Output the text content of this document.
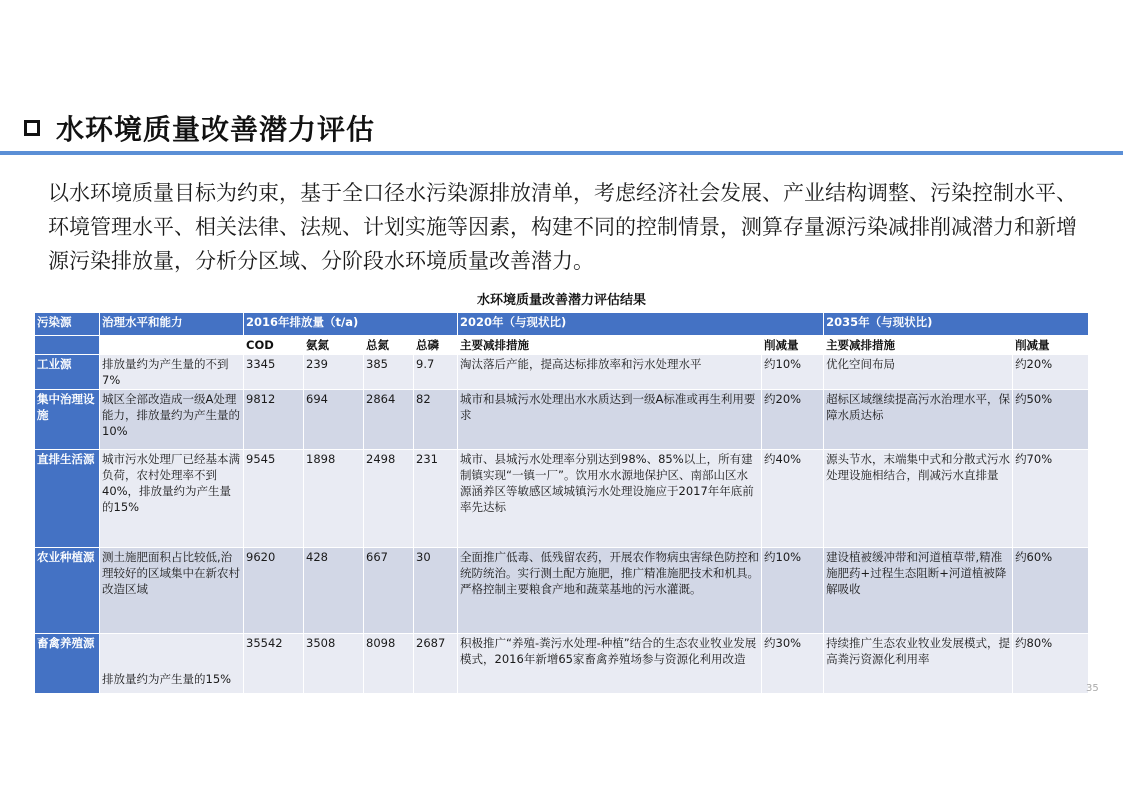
水环境质量改善潜力评估
以水环境质量目标为约束，基于全口径水污染源排放清单，考虑经济社会发展、产业结构调整、污染控制水平、环境管理水平、相关法律、法规、计划实施等因素，构建不同的控制情景，测算存量源污染减排削减潜力和新增源污染排放量，分析分区域、分阶段水环境质量改善潜力。
水环境质量改善潜力评估结果
污染源	治理水平和能力	2016年排放量（t/a)				2020年（与现状比)		2035年（与现状比)	
		COD	氨氮	总氮	总磷	主要减排措施	削减量	主要减排措施	削减量
工业源	排放量约为产生量的不到7%	3345	239	385	9.7	淘汰落后产能，提高达标排放率和污水处理水平	约10%	优化空间布局	约20%
集中治理设施	城区全部改造成一级A处理能力，排放量约为产生量的10%	9812	694	2864	82	城市和县城污水处理出水水质达到一级A标准或再生利用要求	约20%	超标区域继续提高污水治理水平，保障水质达标	约50%
直排生活源	城市污水处理厂已经基本满负荷，农村处理率不到40%，排放量约为产生量的15%	9545	1898	2498	231	城市、县城污水处理率分别达到98%、85%以上，所有建制镇实现“一镇一厂”。饮用水水源地保护区、南部山区水源涵养区等敏感区域城镇污水处理设施应于2017年年底前率先达标	约40%	源头节水，末端集中式和分散式污水处理设施相结合，削减污水直排量	约70%
农业种植源	测土施肥面积占比较低,治理较好的区域集中在新农村改造区域	9620	428	667	30	全面推广低毒、低残留农药，开展农作物病虫害绿色防控和统防统治。实行测土配方施肥，推广精准施肥技术和机具。严格控制主要粮食产地和蔬菜基地的污水灌溉。	约10%	建设植被缓冲带和河道植草带,精准施肥药+过程生态阻断+河道植被降解吸收	约60%
畜禽养殖源	排放量约为产生量的15%	35542	3508	8098	2687	积极推广“养殖-粪污水处理-种植”结合的生态农业牧业发展模式，2016年新增65家畜禽养殖场参与资源化利用改造	约30%	持续推广生态农业牧业发展模式，提高粪污资源化利用率	约80%
35
